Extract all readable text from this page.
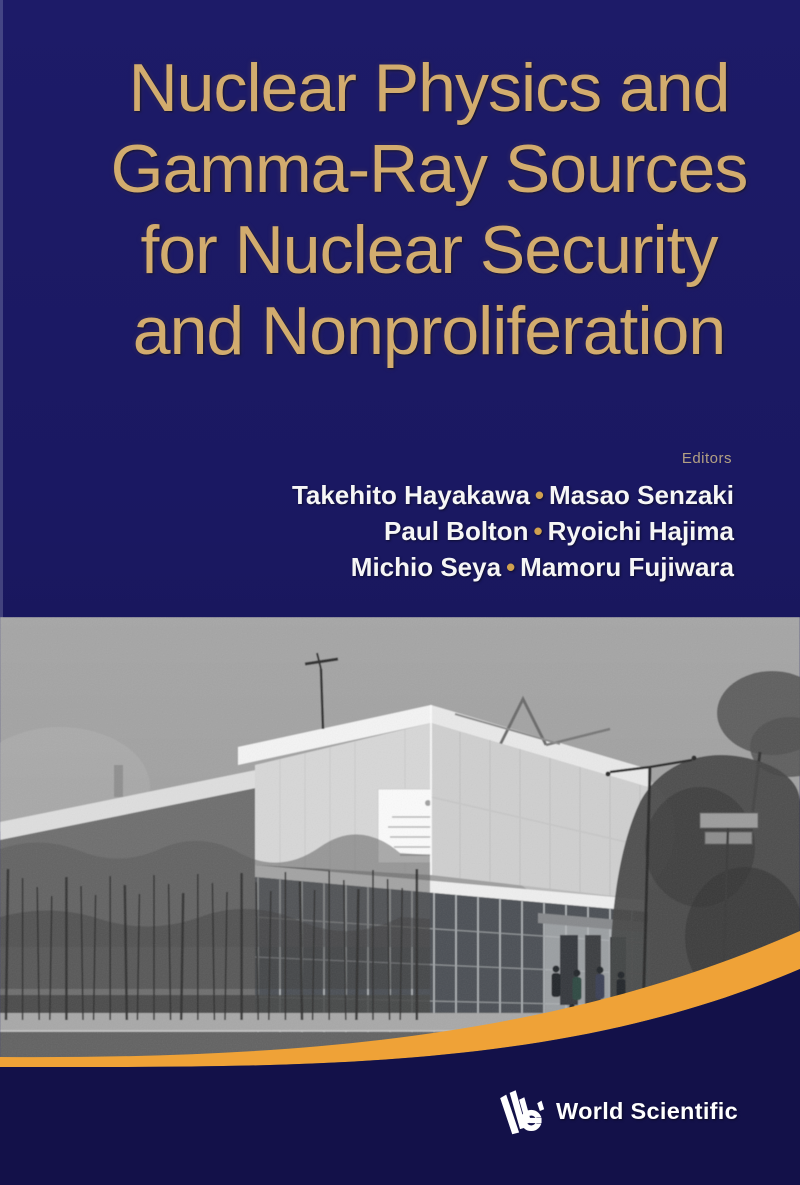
Nuclear Physics and
Gamma-Ray Sources
for Nuclear Security
and Nonproliferation
Editors
Takehito Hayakawa • Masao Senzaki
Paul Bolton • Ryoichi Hajima
Michio Seya • Mamoru Fujiwara
World Scientific
